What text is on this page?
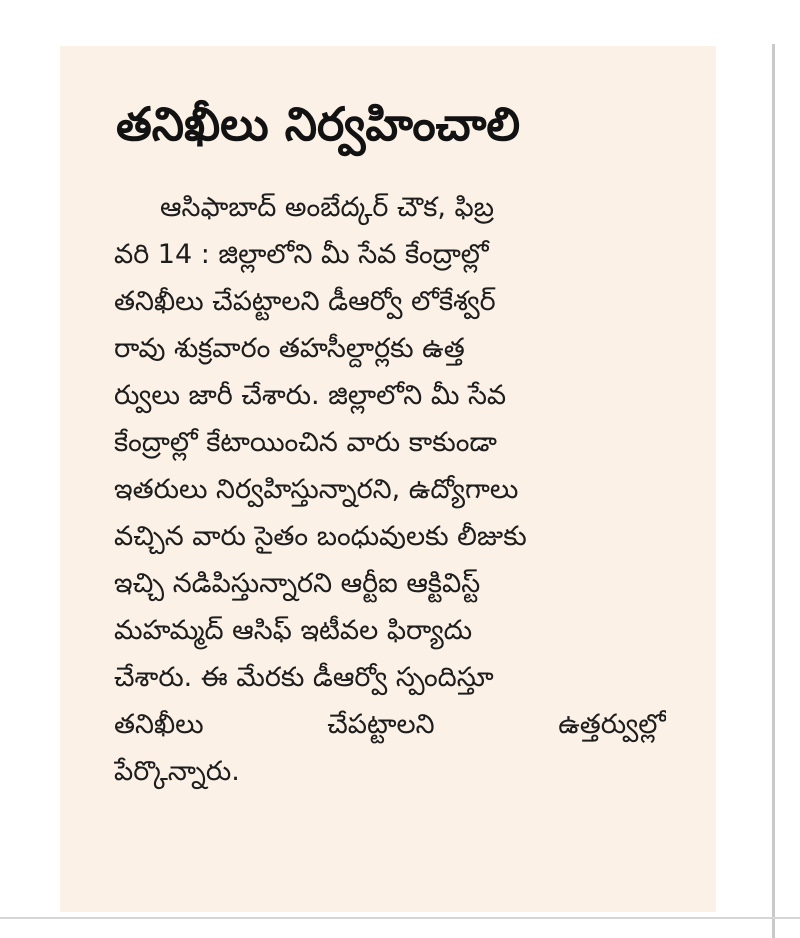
తనిఖీలు నిర్వహించాలి
ఆసిఫాబాద్ అంబేద్కర్ చౌక, ఫిబ్ర
వరి 14 : జిల్లాలోని మీ సేవ కేంద్రాల్లో
తనిఖీలు చేపట్టాలని డీఆర్వో లోకేశ్వర్
రావు శుక్రవారం తహసీల్దార్లకు ఉత్త
ర్వులు జారీ చేశారు. జిల్లాలోని మీ సేవ
కేంద్రాల్లో కేటాయించిన వారు కాకుండా
ఇతరులు నిర్వహిస్తున్నారని, ఉద్యోగాలు
వచ్చిన వారు సైతం బంధువులకు లీజుకు
ఇచ్చి నడిపిస్తున్నారని ఆర్టీఐ ఆక్టివిస్ట్
మహమ్మద్ ఆసిఫ్ ఇటీవల ఫిర్యాదు
చేశారు. ఈ మేరకు డీఆర్వో స్పందిస్తూ
తనిఖీలు	చేపట్టాలని	ఉత్తర్వుల్లో
పేర్కొన్నారు.
